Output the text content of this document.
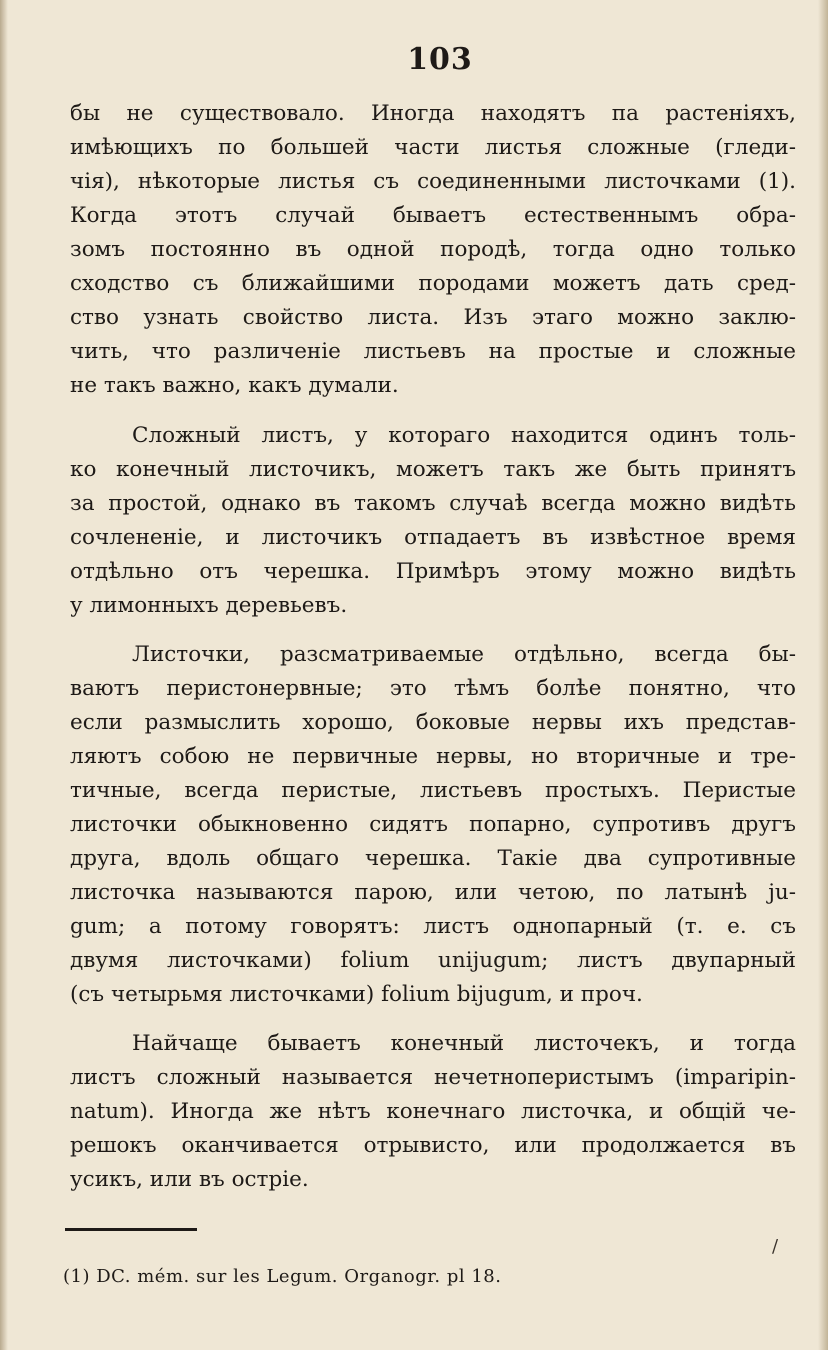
103
бы не существовало. Иногда находятъ па растенiяхъ,
имѣющихъ по большей части листья сложные (гледи-
чiя), нѣкоторые листья съ соединенными листочками (1).
Когда этотъ случай бываетъ естественнымъ обра-
зомъ постоянно въ одной породѣ, тогда одно только
сходство съ ближайшими породами можетъ дать сред-
ство узнать свойство листа. Изъ этаго можно заклю-
чить, что различенiе листьевъ на простые и сложные
не такъ важно, какъ думали.
Сложный листъ, у котораго находится одинъ толь-
ко конечный листочикъ, можетъ такъ же быть принятъ
за простой, однако въ такомъ случаѣ всегда можно видѣть
сочлененiе, и листочикъ отпадаетъ въ извѣстное время
отдѣльно отъ черешка. Примѣръ этому можно видѣть
у лимонныхъ деревьевъ.
Листочки, разсматриваемые отдѣльно, всегда бы-
ваютъ перистонервные; это тѣмъ болѣе понятно, что
если размыслить хорошо, боковые нервы ихъ представ-
ляютъ собою не первичные нервы, но вторичные и тре-
тичные, всегда перистые, листьевъ простыхъ. Перистые
листочки обыкновенно сидятъ попарно, супротивъ другъ
друга, вдоль общаго черешка. Такiе два супротивные
листочка называются парою, или четою, по латынѣ ju-
gum; а потому говорятъ: листъ однопарный (т. е. съ
двумя листочками) folium unijugum; листъ двупарный
(съ четырьмя листочками) folium bijugum, и проч.
Найчаще бываетъ конечный листочекъ, и тогда
листъ сложный называется нечетноперистымъ (imparipin-
natum). Иногда же нѣтъ конечнаго листочка, и общiй че-
решокъ оканчивается отрывисто, или продолжается въ
усикъ, или въ острiе.
/
(1) DC. mém. sur les Legum. Organogr. pl 18.
